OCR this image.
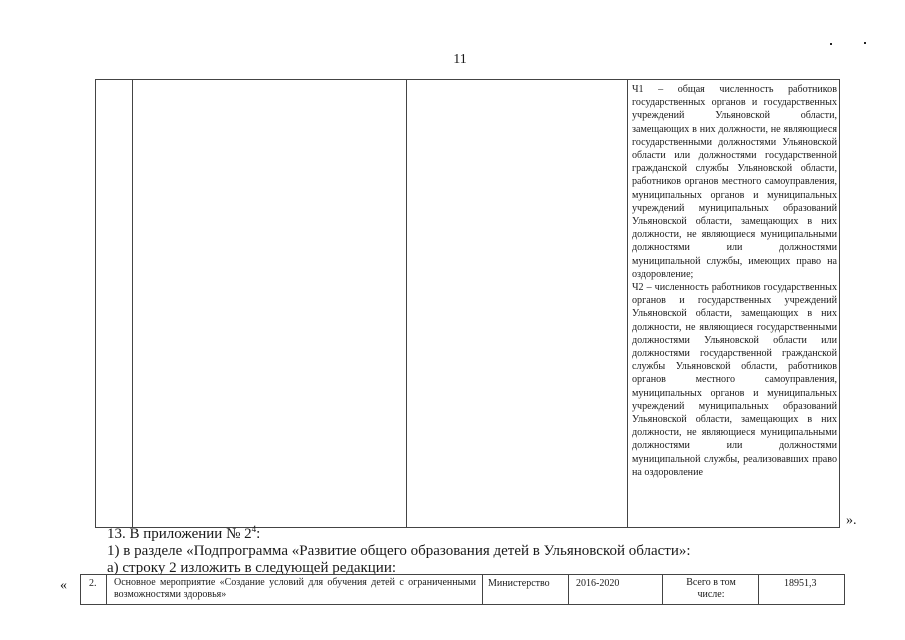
11

Ч1 – общая численность работников государственных органов и государственных учреждений Ульяновской области, замещающих в них должности, не являющиеся государственными должностями Ульяновской области или должностями государственной гражданской службы Ульяновской области, работников органов местного самоуправления, муниципальных органов и муниципальных учреждений муниципальных образований Ульяновской области, замещающих в них должности, не являющиеся муниципальными должностями или должностями муниципальной службы, имеющих право на оздоровление;

Ч2 – численность работников государственных органов и государственных учреждений Ульяновской области, замещающих в них должности, не являющиеся государственными должностями Ульяновской области или должностями государственной гражданской службы Ульяновской области, работников органов местного самоуправления, муниципальных органов и муниципальных учреждений муниципальных образований Ульяновской области, замещающих в них должности, не являющиеся муниципальными должностями или должностями муниципальной службы, реализовавших право на оздоровление

».
13. В приложении № $2^4$:
1) в разделе «Подпрограмма «Развитие общего образования детей в Ульяновской области»:
а) строку 2 изложить в следующей редакции:
« 2. Основное мероприятие «Создание условий для обучения детей с ограниченными возможностями здоровья»
Министерство	2016-2020	Всего в том числе:
18951,3
